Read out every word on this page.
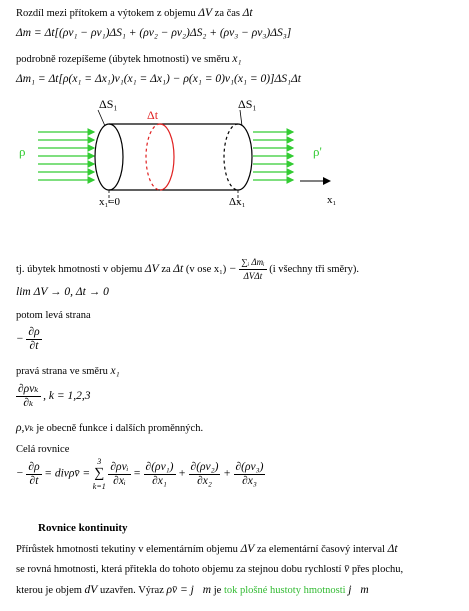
Rozdíl mezi přítokem a výtokem z objemu ΔV za čas Δt
Δm = Δt[(ρv₁ − ρv₁)ΔS₁ + (ρv₂ − ρv₂)ΔS₂ + (ρv₃ − ρv₃)ΔS₃]
podrobně rozepíšeme (úbytek hmotnosti) ve směru x₁
Δm₁ = Δt[ρ(x₁ = Δx₁)v₁(x₁ = Δx₁) − ρ(x₁ = 0)v₁(x₁ = 0)]ΔS₁Δt
ΔS₁	ΔS₁
Δt
ρ	ρ'
x₁=0	Δx₁	x₁
tj. úbytek hmotnosti v objemu ΔV za Δt (v ose $x_1) - \frac{\text{∑ᵢ Δmᵢ}}{\text{ΔVΔt}} (i$ všechny tři směry).
lim ΔV → 0, Δt → 0
potom levá strana
− $\frac{\partial\rho}{\partial t}$
pravá strana ve směru x₁
$\frac{\text{∂ρvₖ}}{\text{∂ₖ}}$ , k = 1,2,3
ρ,vₖ je obecně funkce i dalších proměnných.
Celá rovnice
− $\frac{\partial\rho}{\partial t}$ = divρv̄ =
3
∑
k=1
$\frac{\text{∂ρvᵢ}}{\text{∂xᵢ}} = \frac{\text{∂(ρv₁)}}{\text{∂x₁}} + \frac{\text{∂(ρv₂)}}{\text{∂x₂}} + \frac{\text{∂(ρv₃)}}{\text{∂x₃}}$
Rovnice kontinuity
Přírůstek hmotnosti tekutiny v elementárním objemu ΔV za elementární časový interval Δt
se rovná hmotnosti, která přitekla do tohoto objemu za stejnou dobu rychlostí v̄ přes plochu,
kterou je objem dV uzavřen. Výraz ρv̄ = j⃗m je tok plošné hustoty hmotnosti j⃗m
